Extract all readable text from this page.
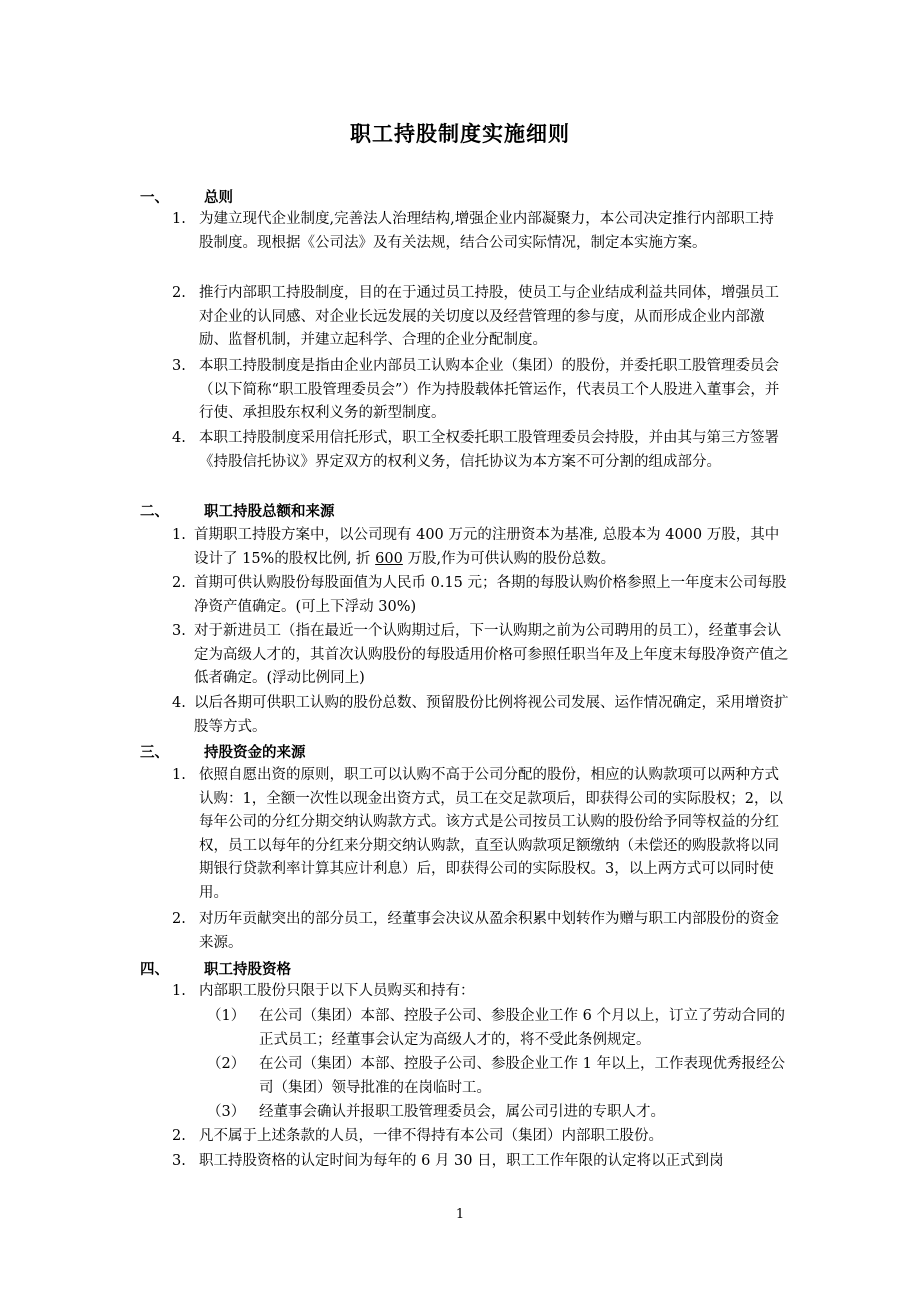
职工持股制度实施细则
一、 总则
1. 为建立现代企业制度,完善法人治理结构,增强企业内部凝聚力，本公司决定推行内部职工持股制度。现根据《公司法》及有关法规，结合公司实际情况，制定本实施方案。
2. 推行内部职工持股制度，目的在于通过员工持股，使员工与企业结成利益共同体，增强员工对企业的认同感、对企业长远发展的关切度以及经营管理的参与度，从而形成企业内部激励、监督机制，并建立起科学、合理的企业分配制度。
3. 本职工持股制度是指由企业内部员工认购本企业（集团）的股份，并委托职工股管理委员会（以下简称“职工股管理委员会”）作为持股载体托管运作，代表员工个人股进入董事会，并行使、承担股东权利义务的新型制度。
4. 本职工持股制度采用信托形式，职工全权委托职工股管理委员会持股，并由其与第三方签署《持股信托协议》界定双方的权利义务，信托协议为本方案不可分割的组成部分。
二、 职工持股总额和来源
1. 首期职工持股方案中，以公司现有 400 万元的注册资本为基准, 总股本为 4000 万股，其中设计了 15%的股权比例, 折 600 万股,作为可供认购的股份总数。
2. 首期可供认购股份每股面值为人民币 0.15 元；各期的每股认购价格参照上一年度末公司每股净资产值确定。(可上下浮动 30%)
3. 对于新进员工（指在最近一个认购期过后，下一认购期之前为公司聘用的员工），经董事会认定为高级人才的，其首次认购股份的每股适用价格可参照任职当年及上年度末每股净资产值之低者确定。(浮动比例同上)
4. 以后各期可供职工认购的股份总数、预留股份比例将视公司发展、运作情况确定，采用增资扩股等方式。
三、 持股资金的来源
1. 依照自愿出资的原则，职工可以认购不高于公司分配的股份，相应的认购款项可以两种方式认购：1，全额一次性以现金出资方式，员工在交足款项后，即获得公司的实际股权；2，以每年公司的分红分期交纳认购款方式。该方式是公司按员工认购的股份给予同等权益的分红权，员工以每年的分红来分期交纳认购款，直至认购款项足额缴纳（未偿还的购股款将以同期银行贷款利率计算其应计利息）后，即获得公司的实际股权。3，以上两方式可以同时使用。
2. 对历年贡献突出的部分员工，经董事会决议从盈余积累中划转作为赠与职工内部股份的资金来源。
四、 职工持股资格
1. 内部职工股份只限于以下人员购买和持有：
（1） 在公司（集团）本部、控股子公司、参股企业工作 6 个月以上，订立了劳动合同的正式员工；经董事会认定为高级人才的，将不受此条例规定。
（2） 在公司（集团）本部、控股子公司、参股企业工作 1 年以上，工作表现优秀报经公司（集团）领导批准的在岗临时工。
（3） 经董事会确认并报职工股管理委员会，属公司引进的专职人才。
2. 凡不属于上述条款的人员，一律不得持有本公司（集团）内部职工股份。
3. 职工持股资格的认定时间为每年的 6 月 30 日，职工工作年限的认定将以正式到岗
1
